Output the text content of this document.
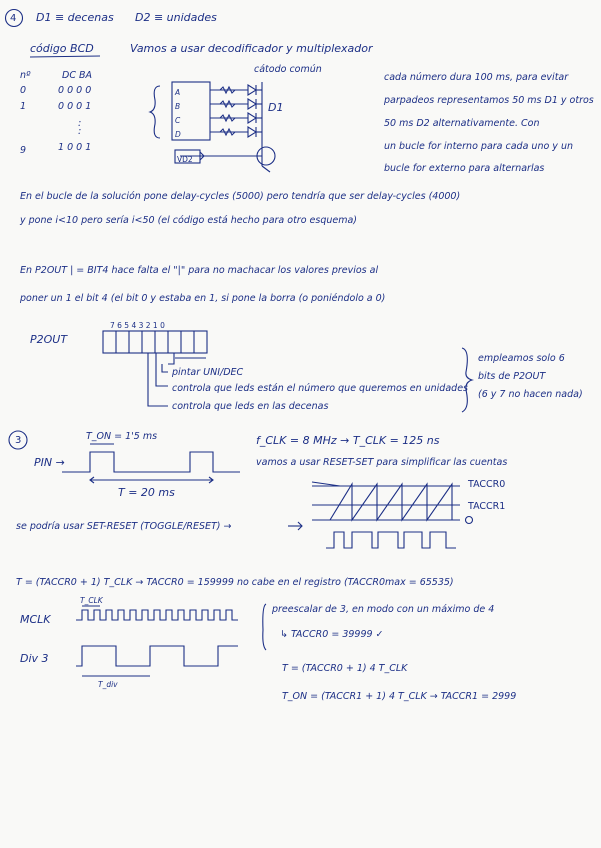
:
:
D1 ≡ decenas D2 ≡ unidades
4
código BCD	Vamos a usar decodificador y multiplexador
cátodo común
D1
VD2
A
B
C
D
nº	DC BA
0	0 0 0 0
1	0 0 0 1
9	1 0 0 1
cada número dura 100 ms, para evitar
parpadeos representamos 50 ms D1 y otros
50 ms D2 alternativamente. Con
un bucle for interno para cada uno y un
bucle for externo para alternarlas
En el bucle de la solución pone delay-cycles (5000) pero tendría que ser delay-cycles (4000)
y pone i<10 pero sería i<50 (el código está hecho para otro esquema)
En P2OUT | = BIT4 hace falta el "|" para no machacar los valores previos al
poner un 1 el bit 4 (el bit 0 y estaba en 1, si pone la borra (o poniéndolo a 0)
7 6 5 4 3 2 1 0
P2OUT
pintar UNI/DEC
controla que leds están el número que queremos en unidades
controla que leds en las decenas
empleamos solo 6
bits de P2OUT
(6 y 7 no hacen nada)
3	T_ON = 1'5 ms
PIN →
T = 20 ms
f_CLK = 8 MHz → T_CLK = 125 ns
vamos a usar RESET-SET para simplificar las cuentas
TACCR0
TACCR1
se podría usar SET-RESET (TOGGLE/RESET) →
T = (TACCR0 + 1) T_CLK → TACCR0 = 159999 no cabe en el registro (TACCR0max = 65535)
MCLK
Div 3
T_CLK
T_div
preescalar de 3, en modo con un máximo de 4
↳ TACCR0 = 39999 ✓
T = (TACCR0 + 1) 4 T_CLK
T_ON = (TACCR1 + 1) 4 T_CLK → TACCR1 = 2999
